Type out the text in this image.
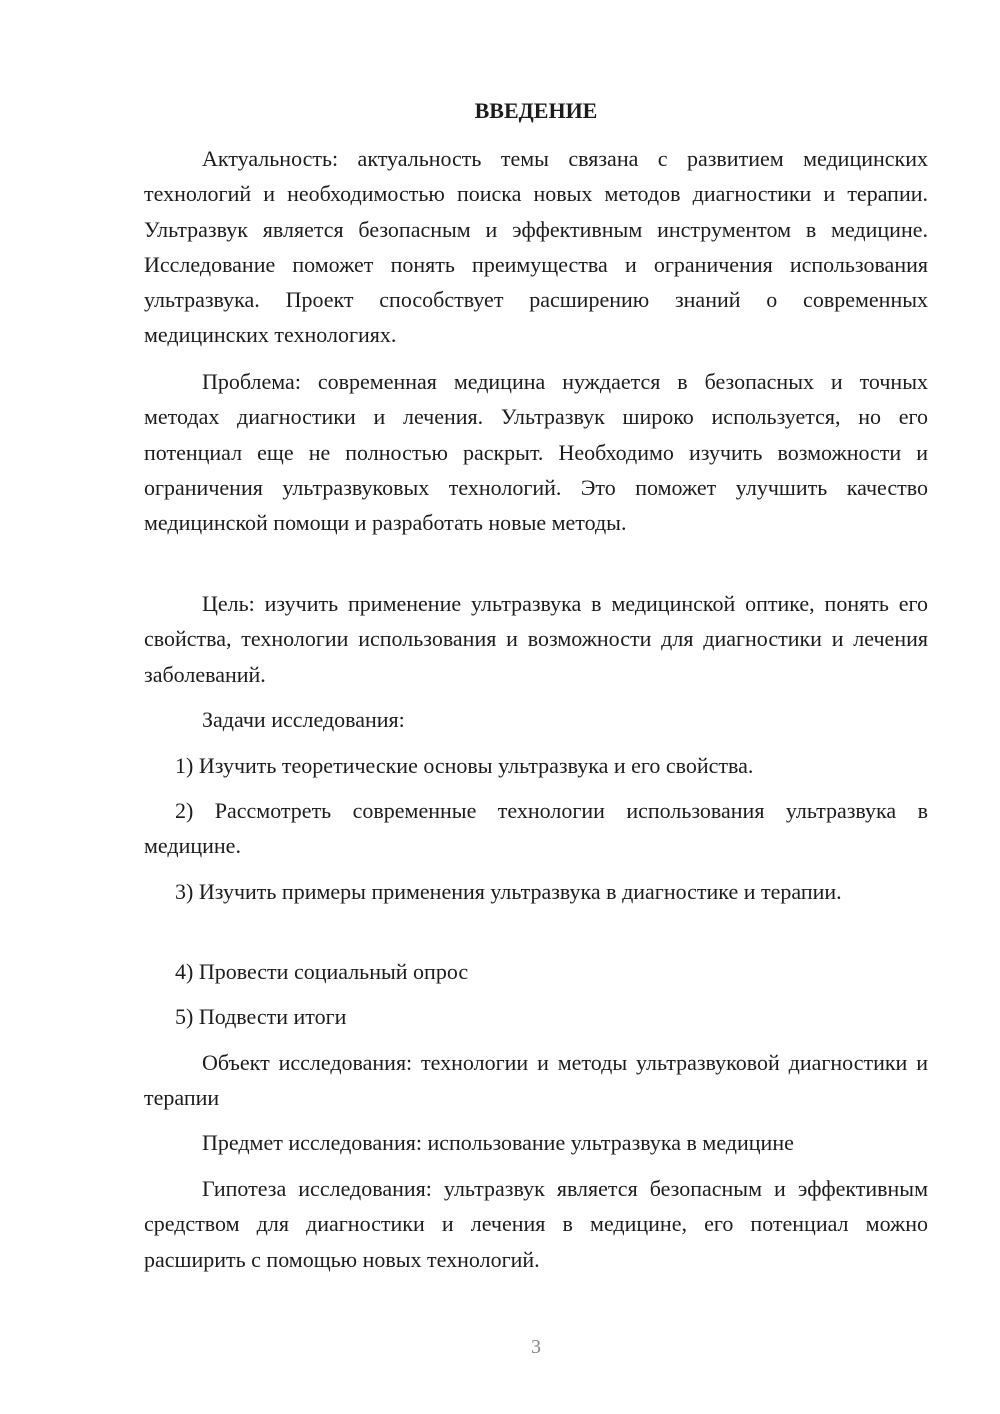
ВВЕДЕНИЕ

Актуальность: актуальность темы связана с развитием медицинских технологий и необходимостью поиска новых методов диагностики и терапии. Ультразвук является безопасным и эффективным инструментом в медицине. Исследование поможет понять преимущества и ограничения использования ультразвука. Проект способствует расширению знаний о современных медицинских технологиях.

Проблема: современная медицина нуждается в безопасных и точных методах диагностики и лечения. Ультразвук широко используется, но его потенциал еще не полностью раскрыт. Необходимо изучить возможности и ограничения ультразвуковых технологий. Это поможет улучшить качество медицинской помощи и разработать новые методы.

Цель: изучить применение ультразвука в медицинской оптике, понять его свойства, технологии использования и возможности для диагностики и лечения заболеваний.

Задачи исследования:

1) Изучить теоретические основы ультразвука и его свойства.

2) Рассмотреть современные технологии использования ультразвука в медицине.

3) Изучить примеры применения ультразвука в диагностике и терапии.

4) Провести социальный опрос

5) Подвести итоги

Объект исследования: технологии и методы ультразвуковой диагностики и терапии

Предмет исследования: использование ультразвука в медицине

Гипотеза исследования: ультразвук является безопасным и эффективным средством для диагностики и лечения в медицине, его потенциал можно расширить с помощью новых технологий.

3
